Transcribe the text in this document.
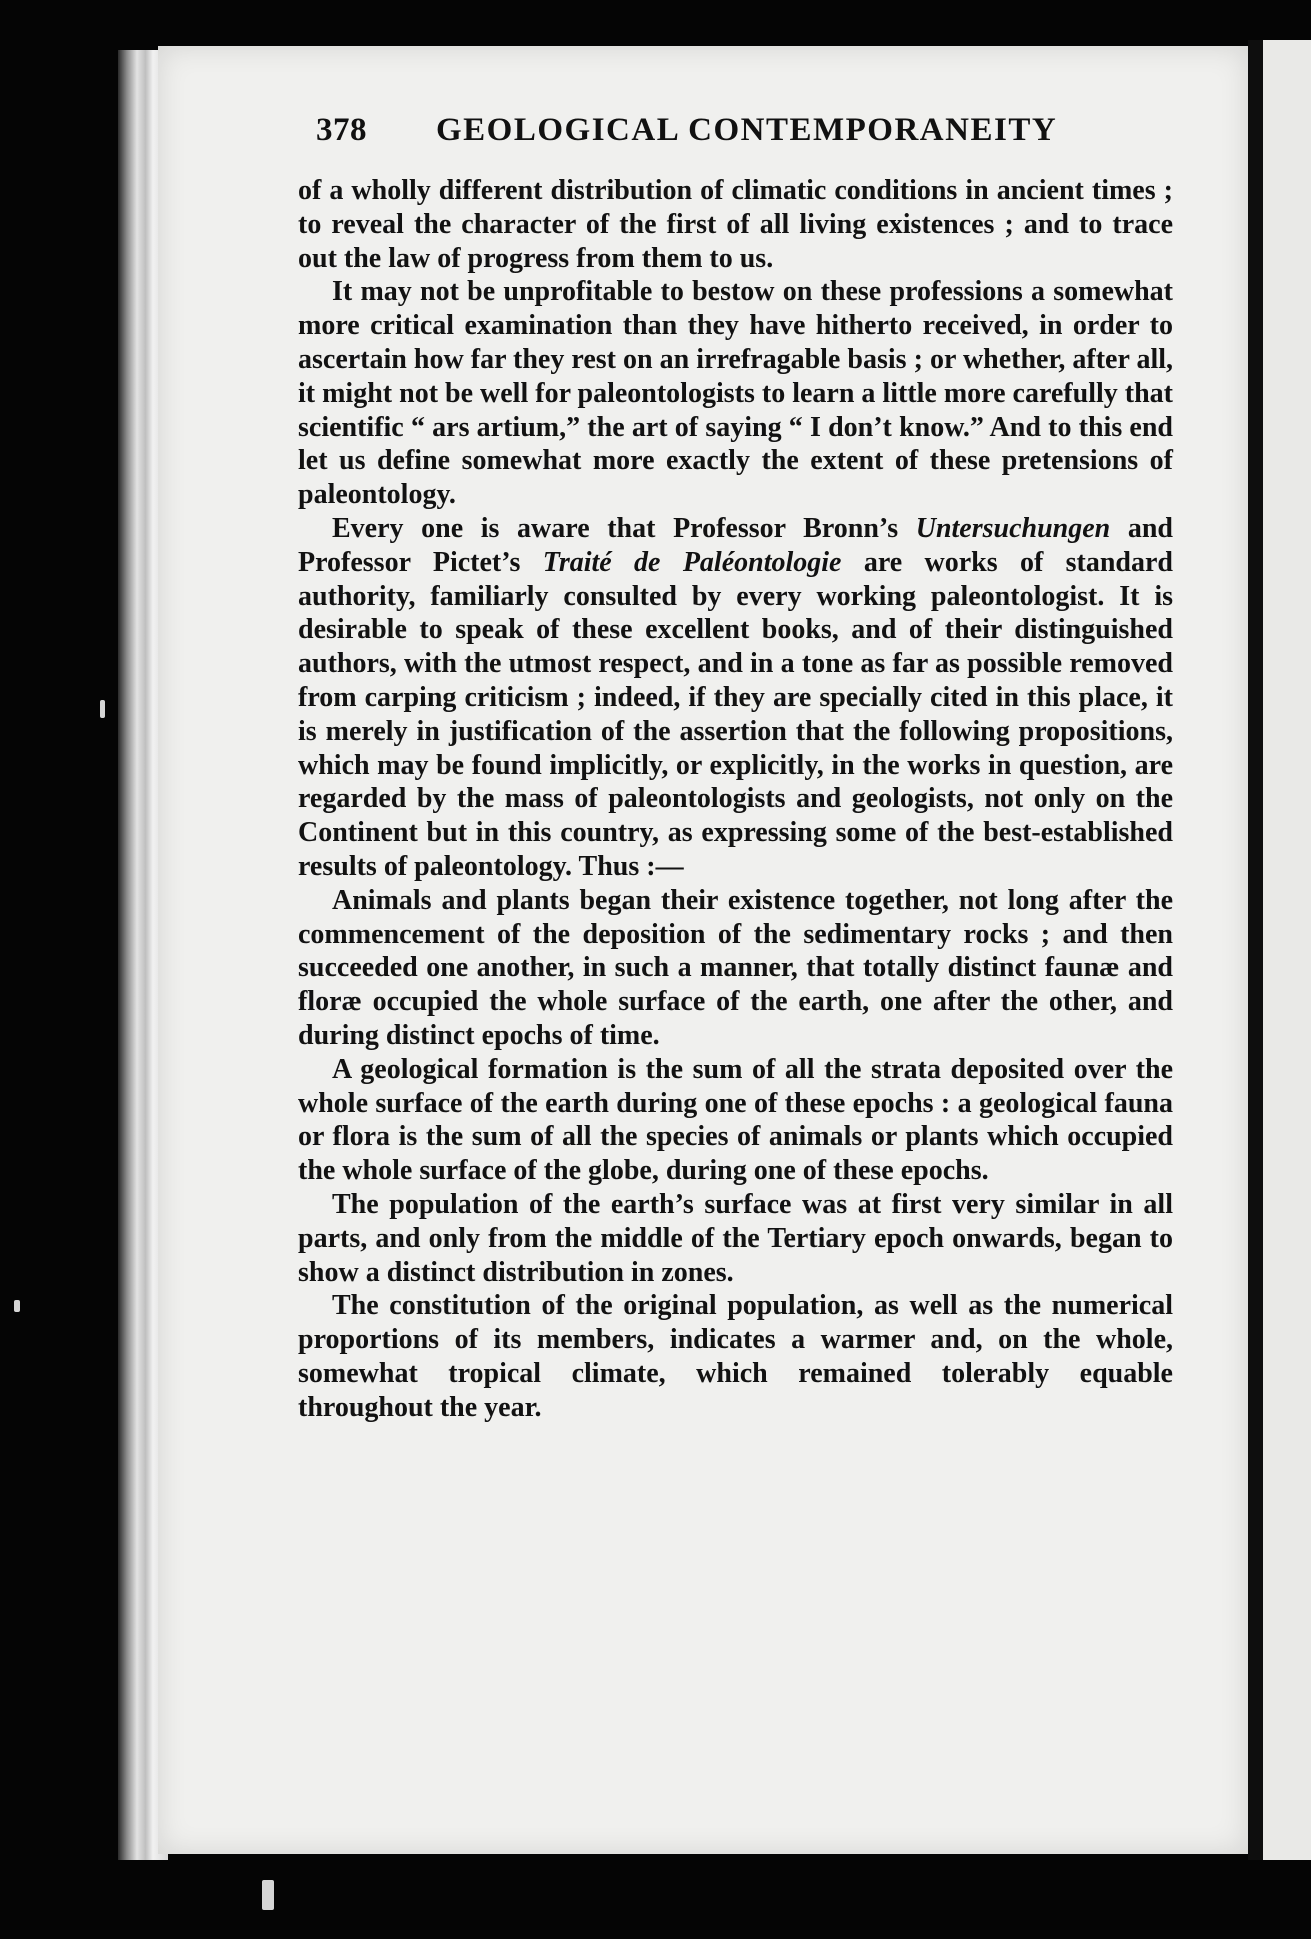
378 GEOLOGICAL CONTEMPORANEITY

of a wholly different distribution of climatic conditions in ancient times ; to reveal the character of the first of all living existences ; and to trace out the law of progress from them to us.

It may not be unprofitable to bestow on these professions a somewhat more critical examination than they have hitherto received, in order to ascertain how far they rest on an irrefragable basis ; or whether, after all, it might not be well for paleontologists to learn a little more carefully that scientific “ ars artium,” the art of saying “ I don’t know.” And to this end let us define somewhat more exactly the extent of these pretensions of paleontology.

Every one is aware that Professor Bronn’s Untersuchungen and Professor Pictet’s Traité de Paléontologie are works of standard authority, familiarly consulted by every working paleontologist. It is desirable to speak of these excellent books, and of their distinguished authors, with the utmost respect, and in a tone as far as possible removed from carping criticism ; indeed, if they are specially cited in this place, it is merely in justification of the assertion that the following propositions, which may be found implicitly, or explicitly, in the works in question, are regarded by the mass of paleontologists and geologists, not only on the Continent but in this country, as expressing some of the best-established results of paleontology. Thus :—

Animals and plants began their existence together, not long after the commencement of the deposition of the sedimentary rocks ; and then succeeded one another, in such a manner, that totally distinct faunæ and floræ occupied the whole surface of the earth, one after the other, and during distinct epochs of time.

A geological formation is the sum of all the strata deposited over the whole surface of the earth during one of these epochs : a geological fauna or flora is the sum of all the species of animals or plants which occupied the whole surface of the globe, during one of these epochs.

The population of the earth’s surface was at first very similar in all parts, and only from the middle of the Tertiary epoch onwards, began to show a distinct distribution in zones.

The constitution of the original population, as well as the numerical proportions of its members, indicates a warmer and, on the whole, somewhat tropical climate, which remained tolerably equable throughout the year.
